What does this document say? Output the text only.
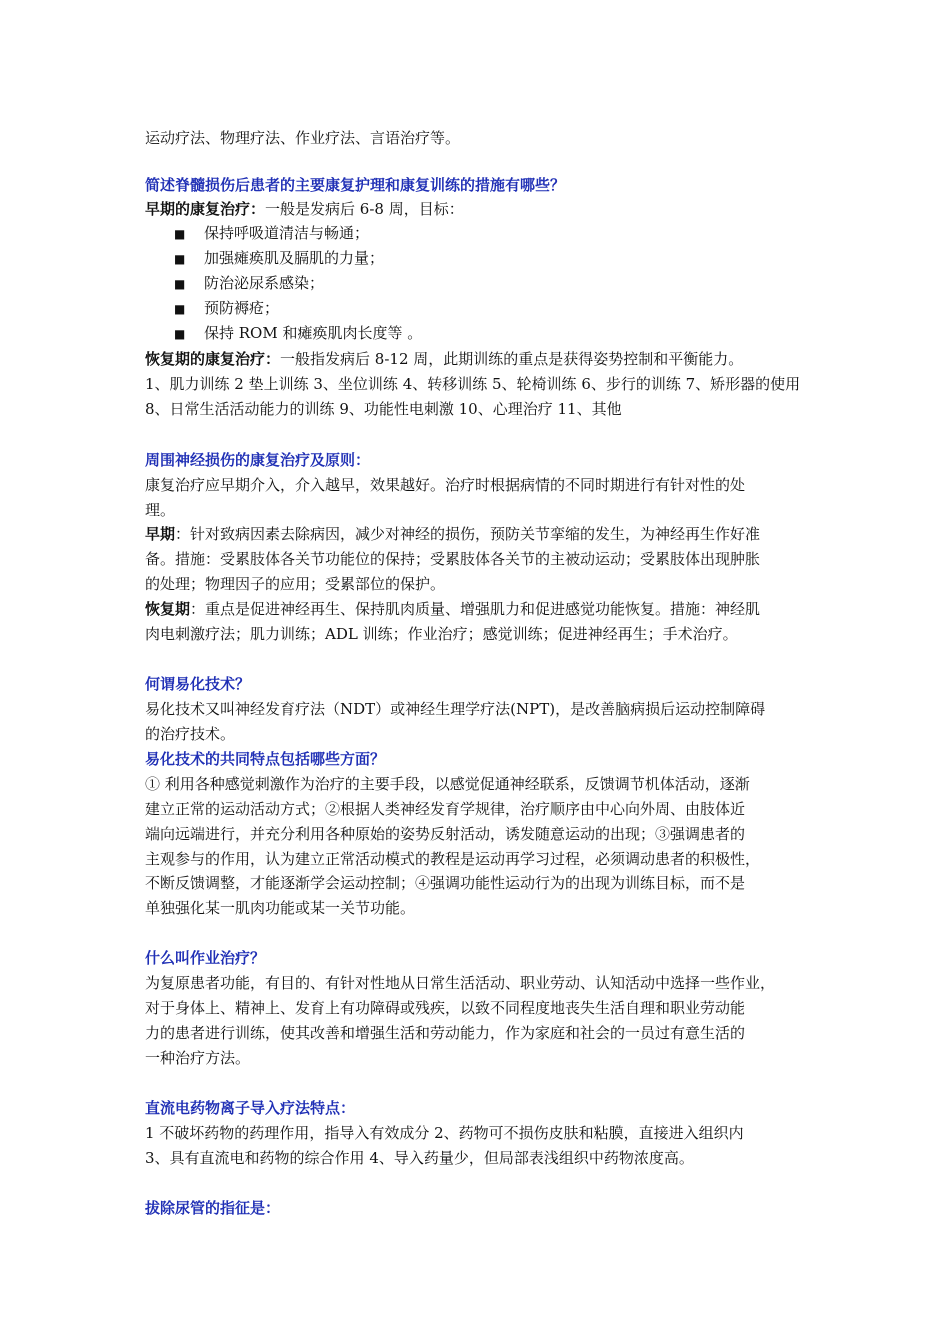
运动疗法、物理疗法、作业疗法、言语治疗等。
简述脊髓损伤后患者的主要康复护理和康复训练的措施有哪些？
早期的康复治疗：一般是发病后 6-8 周，目标：
■ 保持呼吸道清洁与畅通；
■ 加强瘫痪肌及膈肌的力量；
■ 防治泌尿系感染；
■ 预防褥疮；
■ 保持 ROM 和瘫痪肌肉长度等 。
恢复期的康复治疗：一般指发病后 8-12 周，此期训练的重点是获得姿势控制和平衡能力。
1、肌力训练 2 垫上训练 3、坐位训练 4、转移训练 5、轮椅训练 6、步行的训练 7、矫形器的使用
8、日常生活活动能力的训练 9、功能性电刺激 10、心理治疗 11、其他
周围神经损伤的康复治疗及原则：
康复治疗应早期介入，介入越早，效果越好。治疗时根据病情的不同时期进行有针对性的处
理。
早期：针对致病因素去除病因，减少对神经的损伤，预防关节挛缩的发生，为神经再生作好准
备。措施：受累肢体各关节功能位的保持；受累肢体各关节的主被动运动；受累肢体出现肿胀
的处理；物理因子的应用；受累部位的保护。
恢复期：重点是促进神经再生、保持肌肉质量、增强肌力和促进感觉功能恢复。措施：神经肌
肉电刺激疗法；肌力训练；ADL 训练；作业治疗；感觉训练；促进神经再生；手术治疗。
何谓易化技术？
易化技术又叫神经发育疗法（NDT）或神经生理学疗法(NPT)，是改善脑病损后运动控制障碍
的治疗技术。
易化技术的共同特点包括哪些方面？
① 利用各种感觉刺激作为治疗的主要手段，以感觉促通神经联系，反馈调节机体活动，逐渐
建立正常的运动活动方式；②根据人类神经发育学规律，治疗顺序由中心向外周、由肢体近
端向远端进行，并充分利用各种原始的姿势反射活动，诱发随意运动的出现；③强调患者的
主观参与的作用，认为建立正常活动模式的教程是运动再学习过程，必须调动患者的积极性，
不断反馈调整，才能逐渐学会运动控制；④强调功能性运动行为的出现为训练目标，而不是
单独强化某一肌肉功能或某一关节功能。
什么叫作业治疗？
为复原患者功能，有目的、有针对性地从日常生活活动、职业劳动、认知活动中选择一些作业，
对于身体上、精神上、发育上有功障碍或残疾，以致不同程度地丧失生活自理和职业劳动能
力的患者进行训练，使其改善和增强生活和劳动能力，作为家庭和社会的一员过有意生活的
一种治疗方法。
直流电药物离子导入疗法特点：
1 不破坏药物的药理作用，指导入有效成分 2、药物可不损伤皮肤和粘膜，直接进入组织内
3、具有直流电和药物的综合作用 4、导入药量少，但局部表浅组织中药物浓度高。
拔除尿管的指征是：
